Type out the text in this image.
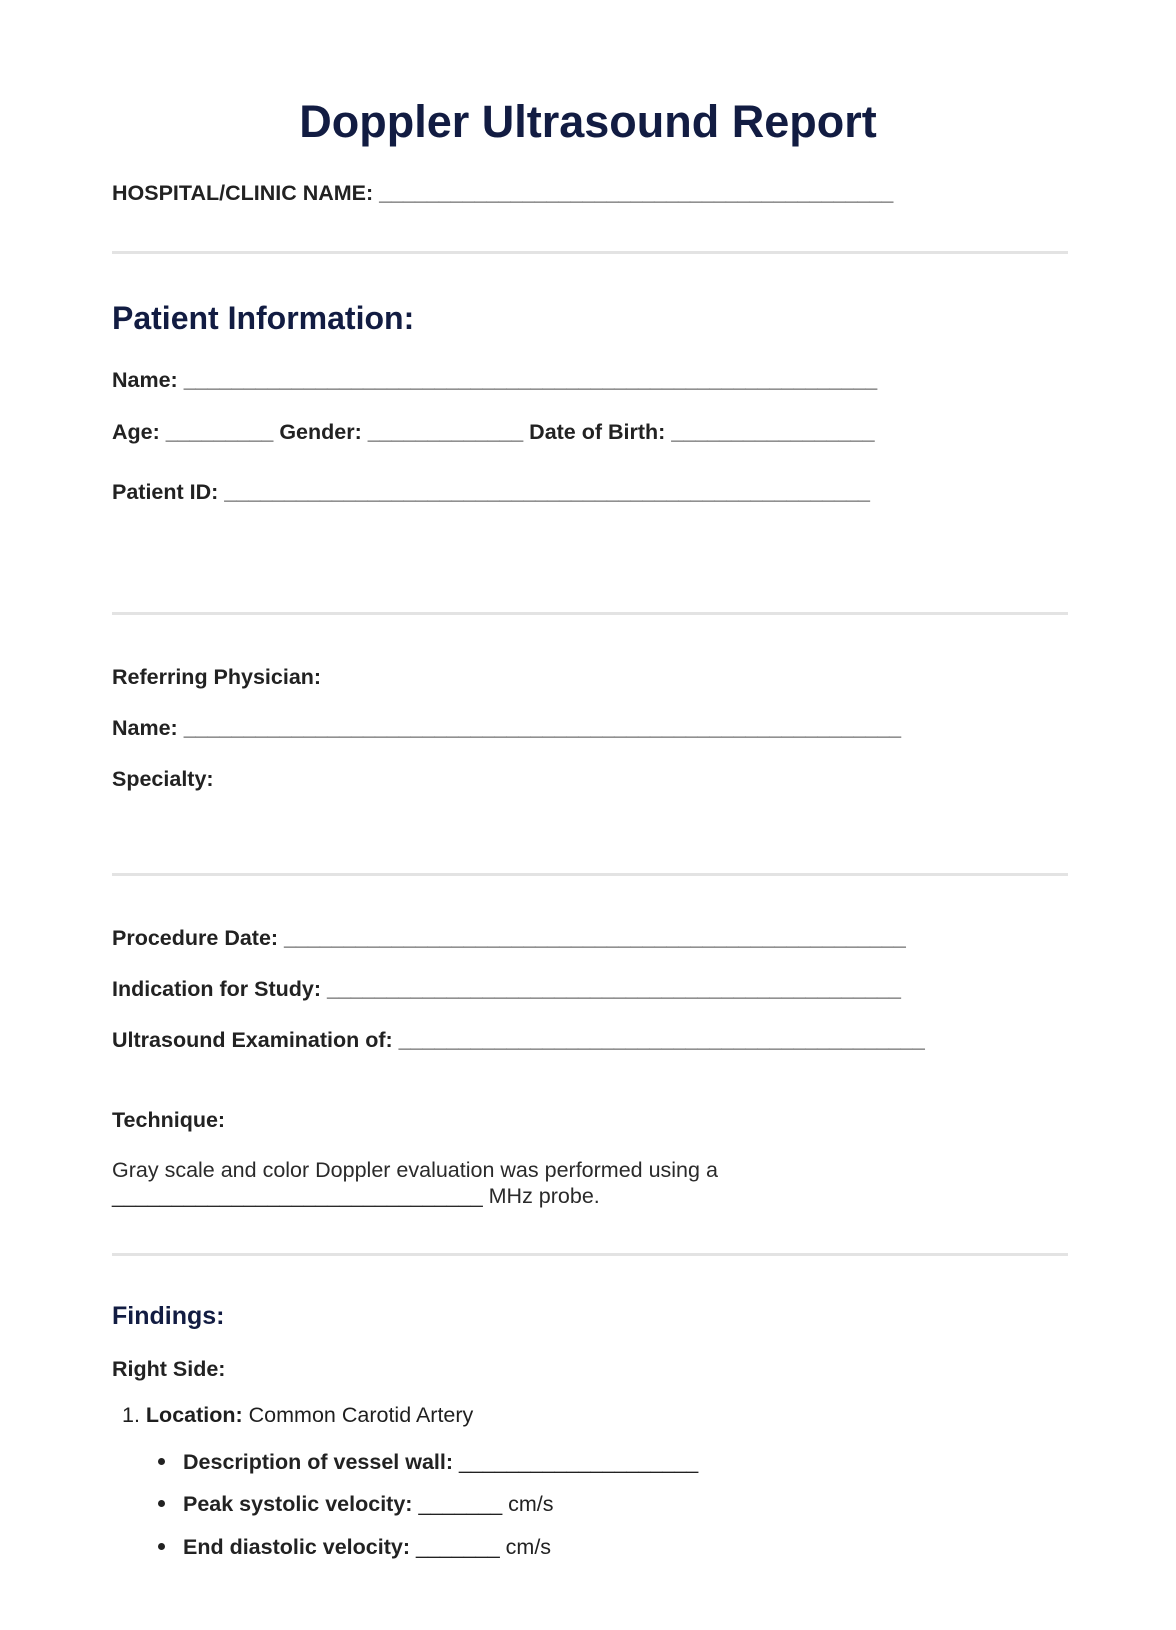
Doppler Ultrasound Report
HOSPITAL/CLINIC NAME: ___________________________________________
Patient Information:
Name: __________________________________________________________
Age: _________ Gender: _____________ Date of Birth: _________________
Patient ID: ______________________________________________________
Referring Physician:
Name: ____________________________________________________________
Specialty:
Procedure Date: ____________________________________________________
Indication for Study: ________________________________________________
Ultrasound Examination of: ____________________________________________
Technique:
Gray scale and color Doppler evaluation was performed using a
_______________________________ MHz probe.
Findings:
Right Side:
1. Location: Common Carotid Artery
Description of vessel wall: ____________________
Peak systolic velocity: _______ cm/s
End diastolic velocity: _______ cm/s
